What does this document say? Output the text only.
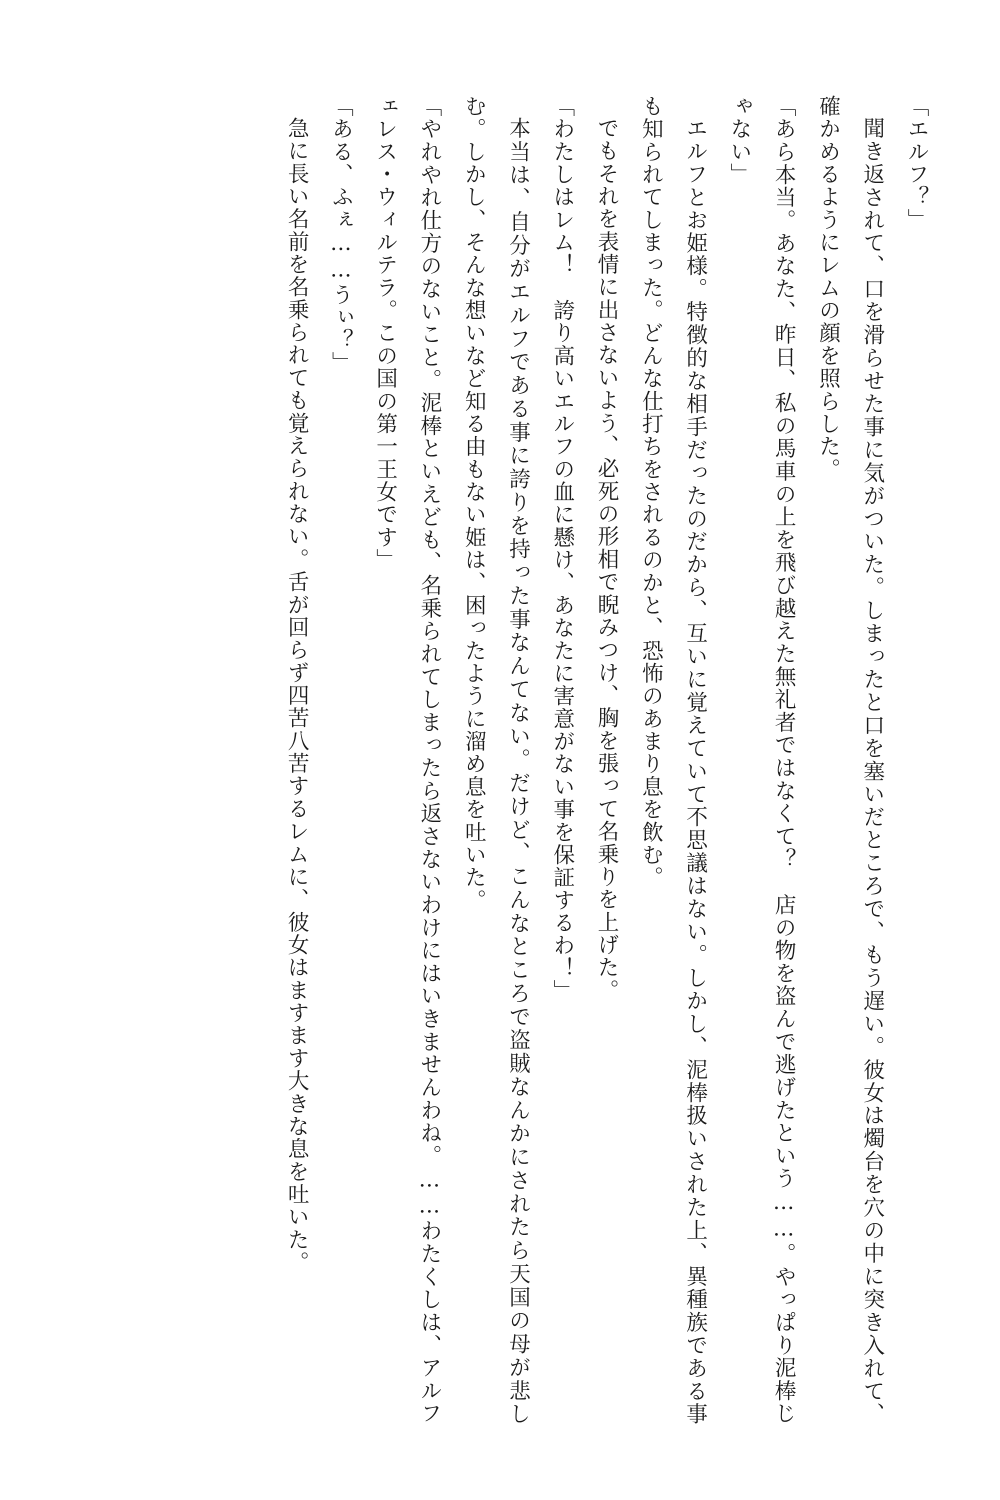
「エルフ？」

聞き返されて、口を滑らせた事に気がついた。しまったと口を塞いだところで、もう遅い。彼女は燭台を穴の中に突き入れて、確かめるようにレムの顔を照らした。

「あら本当。あなた、昨日、私の馬車の上を飛び越えた無礼者ではなくて？　店の物を盗んで逃げたという……。やっぱり泥棒じゃない」

エルフとお姫様。特徴的な相手だったのだから、互いに覚えていて不思議はない。しかし、泥棒扱いされた上、異種族である事も知られてしまった。どんな仕打ちをされるのかと、恐怖のあまり息を飲む。

でもそれを表情に出さないよう、必死の形相で睨みつけ、胸を張って名乗りを上げた。

「わたしはレム！　誇り高いエルフの血に懸け、あなたに害意がない事を保証するわ！」

本当は、自分がエルフである事に誇りを持った事なんてない。だけど、こんなところで盗賊なんかにされたら天国の母が悲しむ。しかし、そんな想いなど知る由もない姫は、困ったように溜め息を吐いた。

「やれやれ仕方のないこと。泥棒といえども、名乗られてしまったら返さないわけにはいきませんわね。……わたくしは、アルフェレス・ウィルテラ。この国の第一王女です」

「ある、ふぇ……うぃ？」

急に長い名前を名乗られても覚えられない。舌が回らず四苦八苦するレムに、彼女はますます大きな息を吐いた。
